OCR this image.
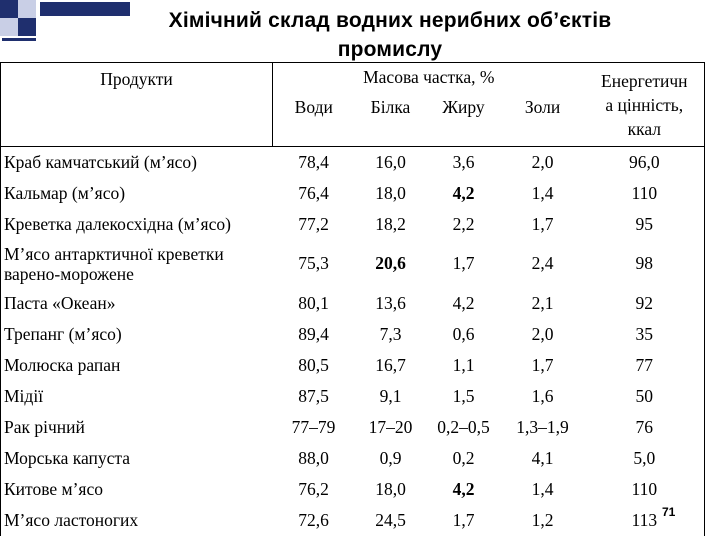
Хімічний склад водних нерибних об’єктів
промислу
Продукти	Масова частка, %				Енергетичн
а цінність,
ккал
	Води	Білка	Жиру	Золи	
Краб камчатський (м’ясо)	78,4	16,0	3,6	2,0	96,0
Кальмар (м’ясо)	76,4	18,0	4,2	1,4	110
Креветка далекосхідна (м’ясо)	77,2	18,2	2,2	1,7	95
М’ясо антарктичної креветки
варено-морожене	75,3	20,6	1,7	2,4	98
Паста «Океан»	80,1	13,6	4,2	2,1	92
Трепанг (м’ясо)	89,4	7,3	0,6	2,0	35
Молюска рапан	80,5	16,7	1,1	1,7	77
Мідії	87,5	9,1	1,5	1,6	50
Рак річний	77–79	17–20	0,2–0,5	1,3–1,9	76
Морська капуста	88,0	0,9	0,2	4,1	5,0
Китове м’ясо	76,2	18,0	4,2	1,4	110
М’ясо ластоногих	72,6	24,5	1,7	1,2	113 71
